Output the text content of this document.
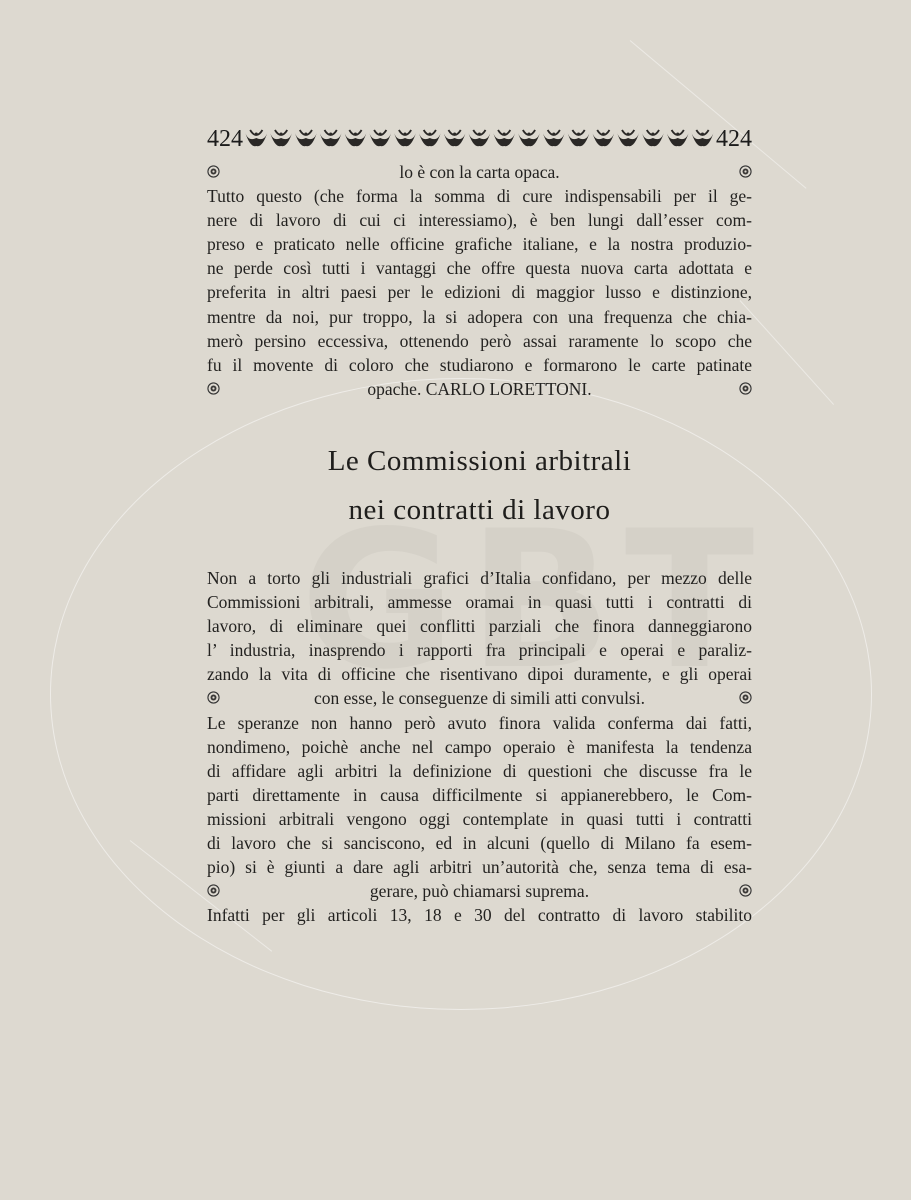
424	424
lo è con la carta opaca.
Tutto questo (che forma la somma di cure indispensabili per il ge-
nere di lavoro di cui ci interessiamo), è ben lungi dall’esser com-
preso e praticato nelle officine grafiche italiane, e la nostra produzio-
ne perde così tutti i vantaggi che offre questa nuova carta adottata e
preferita in altri paesi per le edizioni di maggior lusso e distinzione,
mentre da noi, pur troppo, la si adopera con una frequenza che chia-
merò persino eccessiva, ottenendo però assai raramente lo scopo che
fu il movente di coloro che studiarono e formarono le carte patinate
opache. CARLO LORETTONI.
Le Commissioni arbitrali
nei contratti di lavoro
Non a torto gli industriali grafici d’Italia confidano, per mezzo delle
Commissioni arbitrali, ammesse oramai in quasi tutti i contratti di
lavoro, di eliminare quei conflitti parziali che finora danneggiarono
l’ industria, inasprendo i rapporti fra principali e operai e paraliz-
zando la vita di officine che risentivano dipoi duramente, e gli operai
con esse, le conseguenze di simili atti convulsi.
Le speranze non hanno però avuto finora valida conferma dai fatti,
nondimeno, poichè anche nel campo operaio è manifesta la tendenza
di affidare agli arbitri la definizione di questioni che discusse fra le
parti direttamente in causa difficilmente si appianerebbero, le Com-
missioni arbitrali vengono oggi contemplate in quasi tutti i contratti
di lavoro che si sanciscono, ed in alcuni (quello di Milano fa esem-
pio) si è giunti a dare agli arbitri un’autorità che, senza tema di esa-
gerare, può chiamarsi suprema.
Infatti per gli articoli 13, 18 e 30 del contratto di lavoro stabilito
